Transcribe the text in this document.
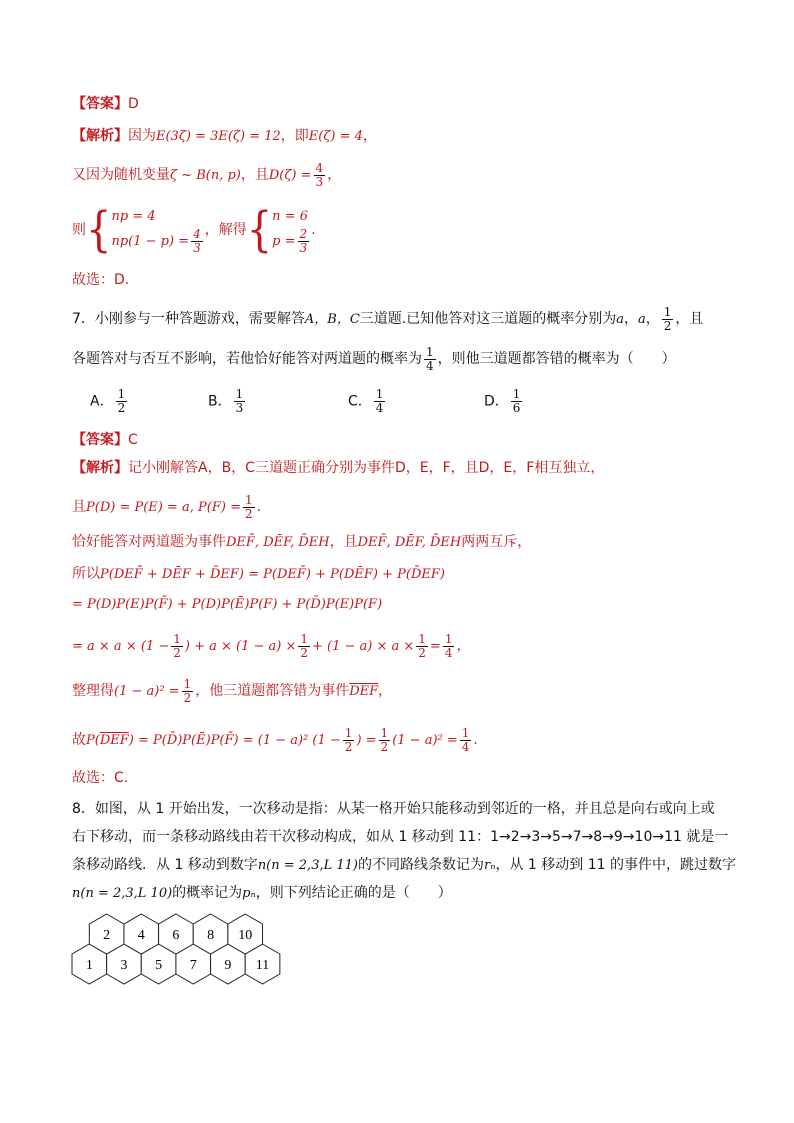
【答案】D
【解析】因为E(3ζ) = 3E(ζ) = 12，即E(ζ) = 4，
又因为随机变量ζ ~ B(n, p)，且$D(\zeta) = \frac{4}{3}$ ，
则{ np = 4
$np(1 - p) = \frac{4}{3}$ ，解得{ n = 6
$p = \frac{2}{3}$ .
故选：D.
7．小刚参与一种答题游戏，需要解答A，B，C三道题.已知他答对这三道题的概率分别为a，a， $\frac{1}{2}$ ，且
各题答对与否互不影响，若他恰好能答对两道题的概率为 $\frac{1}{4}$ ，则他三道题都答错的概率为（　　）
A． $\frac{1}{2}$	B． $\frac{1}{3}$	C． $\frac{1}{4}$	D． $\frac{1}{6}$
【答案】C
【解析】记小刚解答A，B，C三道题正确分别为事件D，E，F，且D，E，F相互独立，
且P(D) = P(E) = a, $P(F) = \frac{1}{2}$ .
恰好能答对两道题为事件DEF̄, DĒF, D̄EH，且DEF̄, DĒF, D̄EH两两互斥，
所以P(DEF̄ + DĒF + D̄EF) = P(DEF̄) + P(DĒF) + P(D̄EF)
= P(D)P(E)P(F̄) + P(D)P(Ē)P(F) + P(D̄)P(E)P(F)
= $a \times a \times (1 - \frac{1}{2}$ ) + $a \times (1 - a) \times \frac{1}{2} + (1 - a) \times a \times \frac{1}{2} = \frac{1}{4}$ ，
整理得$(1 - a)^2 = \frac{1}{2}$ ，他三道题都答错为事件$\overline{DEF}$，
故$P(\overline{DEF})$ = P(D̄)P(Ē)P(F̄) = (1 − a)² ($1 - \frac{1}{2}$ ) = $\frac{1}{2} (1 - a)^2 = \frac{1}{4}$ .
故选：C.
8．如图，从 1 开始出发，一次移动是指：从某一格开始只能移动到邻近的一格，并且总是向右或向上或
右下移动，而一条移动路线由若干次移动构成，如从 1 移动到 11：1→2→3→5→7→8→9→10→11 就是一
条移动路线．从 1 移动到数字n(n = 2,3,L 11)的不同路线条数记为rₙ，从 1 移动到 11 的事件中，跳过数字
n(n = 2,3,L 10)的概率记为pₙ，则下列结论正确的是（　　）
1 3 5 7 9 11
2 4 6 8 10
